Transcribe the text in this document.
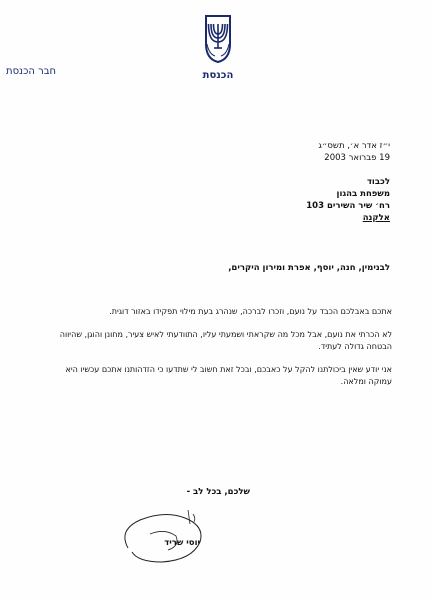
הכנסת
חבר הכנסת
י״ז אדר א׳, תשס״ג
19 פברואר 2003
לכבוד
משפחת בהגון
רח׳ שיר השירים 103
אלקנה
לבנימין, חנה, יוסף, אפרת ומירון היקרים,
אתכם באבלכם הכבד על נועם, וזכרו לברכה, שנהרג בעת מילוי תפקידו באזור דוגית.
לא הכרתי את נועם, אבל מכל מה שקראתי ושמעתי עליו, התוודעתי לאיש צעיר, מחונן והוגן, שהיווה הבטחה גדולה לעתיד.
אני יודע שאין ביכולתנו להקל על כאבכם, ובכל זאת חשוב לי שתדעו כי הזדהותנו אתכם עכשיו היא עמוקה ומלאה.
שלכם, בכל לב -
יוסי שריד
